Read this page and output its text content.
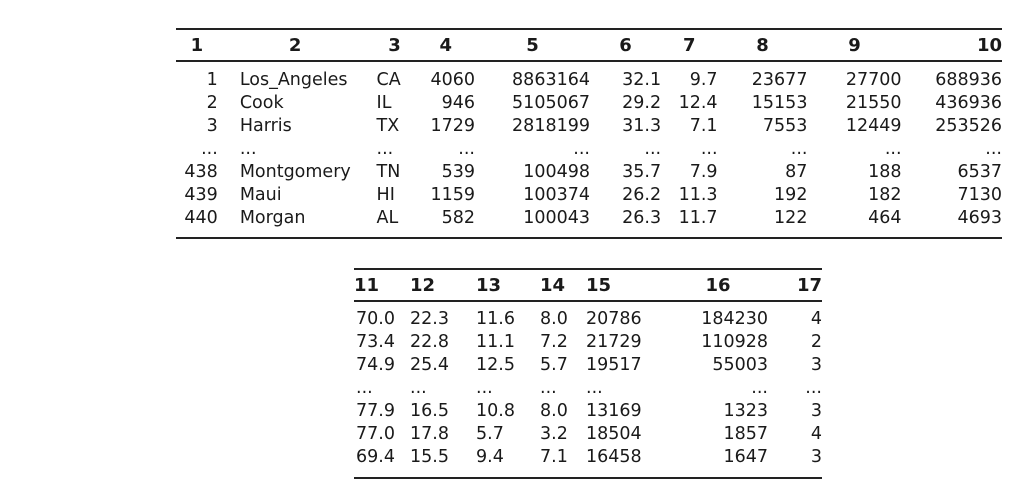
1	2	3	4	5	6	7	8	9	10
1	Los_Angeles	CA	4060	8863164	32.1	9.7	23677	27700	688936
2	Cook	IL	946	5105067	29.2	12.4	15153	21550	436936
3	Harris	TX	1729	2818199	31.3	7.1	7553	12449	253526
...	...	...	...	...	...	...	...	...	...
438	Montgomery	TN	539	100498	35.7	7.9	87	188	6537
439	Maui	HI	1159	100374	26.2	11.3	192	182	7130
440	Morgan	AL	582	100043	26.3	11.7	122	464	4693

11	12	13	14	15	16	17
70.0	22.3	11.6	8.0	20786	184230	4
73.4	22.8	11.1	7.2	21729	110928	2
74.9	25.4	12.5	5.7	19517	55003	3
...	...	...	...	...	...	...
77.9	16.5	10.8	8.0	13169	1323	3
77.0	17.8	5.7	3.2	18504	1857	4
69.4	15.5	9.4	7.1	16458	1647	3
